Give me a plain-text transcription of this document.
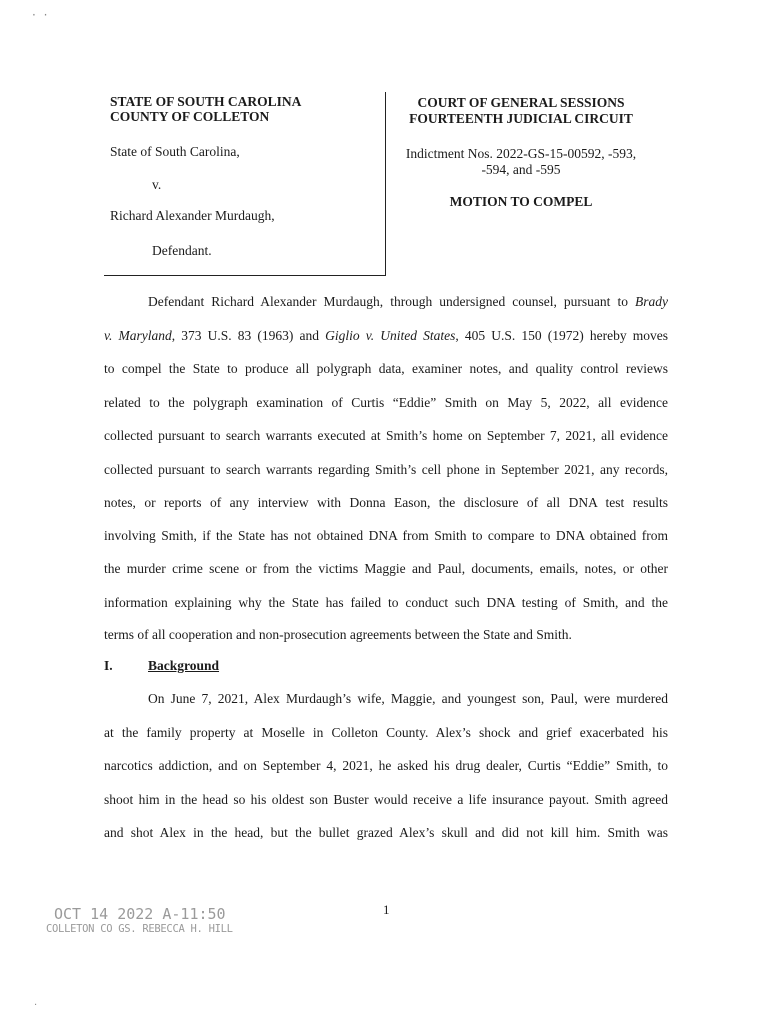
· ·
·
STATE OF SOUTH CAROLINA
COUNTY OF COLLETON
State of South Carolina,
v.
Richard Alexander Murdaugh,
Defendant.
COURT OF GENERAL SESSIONS
FOURTEENTH JUDICIAL CIRCUIT
Indictment Nos. 2022-GS-15-00592, -593,
-594, and -595
MOTION TO COMPEL
Defendant Richard Alexander Murdaugh, through undersigned counsel, pursuant to Brady
v. Maryland, 373 U.S. 83 (1963) and Giglio v. United States, 405 U.S. 150 (1972) hereby moves
to compel the State to produce all polygraph data, examiner notes, and quality control reviews
related to the polygraph examination of Curtis “Eddie” Smith on May 5, 2022, all evidence
collected pursuant to search warrants executed at Smith’s home on September 7, 2021, all evidence
collected pursuant to search warrants regarding Smith’s cell phone in September 2021, any records,
notes, or reports of any interview with Donna Eason, the disclosure of all DNA test results
involving Smith, if the State has not obtained DNA from Smith to compare to DNA obtained from
the murder crime scene or from the victims Maggie and Paul, documents, emails, notes, or other
information explaining why the State has failed to conduct such DNA testing of Smith, and the
terms of all cooperation and non-prosecution agreements between the State and Smith.
I.	Background
On June 7, 2021, Alex Murdaugh’s wife, Maggie, and youngest son, Paul, were murdered
at the family property at Moselle in Colleton County. Alex’s shock and grief exacerbated his
narcotics addiction, and on September 4, 2021, he asked his drug dealer, Curtis “Eddie” Smith, to
shoot him in the head so his oldest son Buster would receive a life insurance payout. Smith agreed
and shot Alex in the head, but the bullet grazed Alex’s skull and did not kill him. Smith was
1
OCT 14 2022 A-11:50
COLLETON CO GS. REBECCA H. HILL
